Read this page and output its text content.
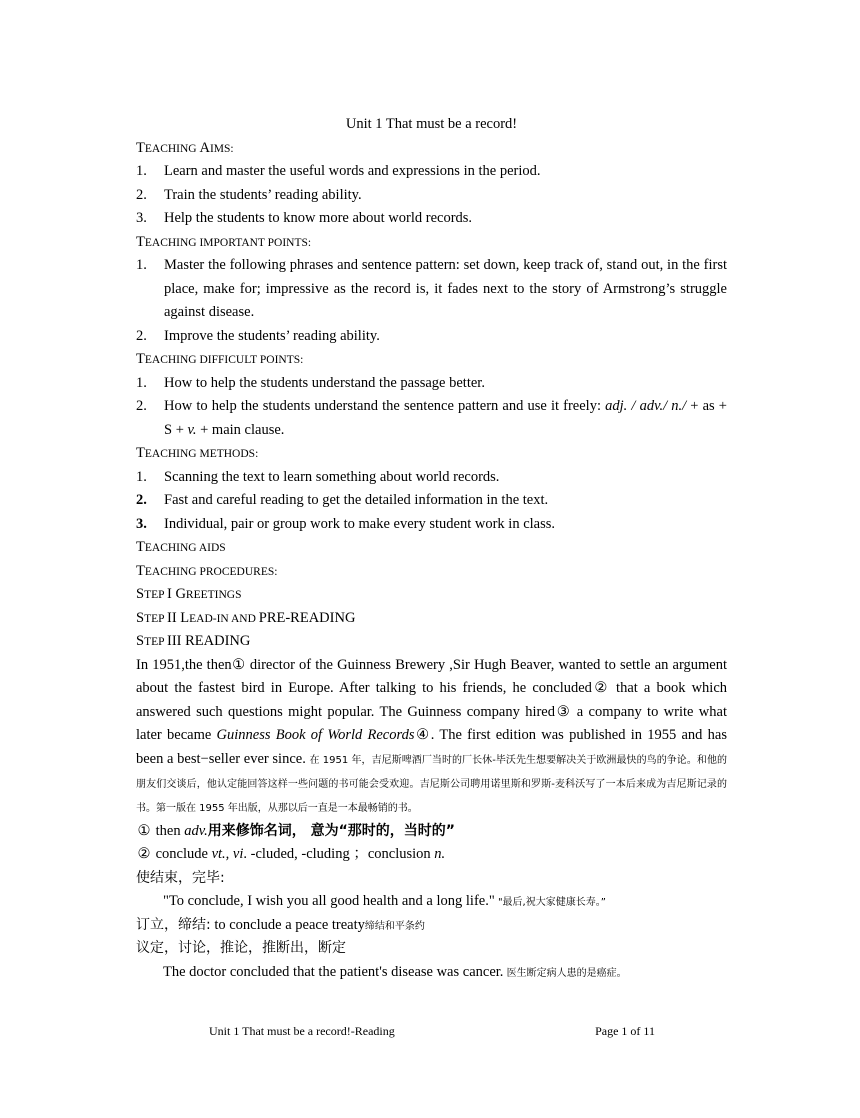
Unit 1 That must be a record!
TEACHING AIMS:
1.	Learn and master the useful words and expressions in the period.
2.	Train the students’ reading ability.
3.	Help the students to know more about world records.
TEACHING IMPORTANT POINTS:
1.	Master the following phrases and sentence pattern: set down, keep track of, stand out, in the first place, make for; impressive as the record is, it fades next to the story of Armstrong’s struggle against disease.
2.	Improve the students’ reading ability.
TEACHING DIFFICULT POINTS:
1.	How to help the students understand the passage better.
2.	How to help the students understand the sentence pattern and use it freely: adj. / adv./ n./ + as + S + v. + main clause.
TEACHING METHODS:
1.	Scanning the text to learn something about world records.
2.	Fast and careful reading to get the detailed information in the text.
3.	Individual, pair or group work to make every student work in class.
TEACHING AIDS
TEACHING PROCEDURES:
STEP I GREETINGS
STEP II LEAD-IN AND PRE-READING
STEP III READING
In 1951,the then① director of the Guinness Brewery ,Sir Hugh Beaver, wanted to settle an argument about the fastest bird in Europe. After talking to his friends, he concluded② that a book which answered such questions might popular. The Guinness company hired③ a company to write what later became Guinness Book of World Records④. The first edition was published in 1955 and has been a best−seller ever since. 在 1951 年，吉尼斯啤酒厂当时的厂长休-毕沃先生想要解决关于欧洲最快的鸟的争论。和他的朋友们交谈后，他认定能回答这样一些问题的书可能会受欢迎。吉尼斯公司聘用诺里斯和罗斯-麦科沃写了一本后来成为吉尼斯记录的书。第一版在 1955 年出版，从那以后一直是一本最畅销的书。
① then adv.用来修饰名词， 意为“那时的，当时的”
② conclude vt., vi. -cluded, -cluding ；conclusion n.
使结束，完毕:
"To conclude, I wish you all good health and a long life." "最后,祝大家健康长寿。”
订立，缔结: to conclude a peace treaty缔结和平条约
议定，讨论，推论，推断出，断定
The doctor concluded that the patient's disease was cancer. 医生断定病人患的是癌症。
Unit 1 That must be a record!-Reading	Page 1 of 11
